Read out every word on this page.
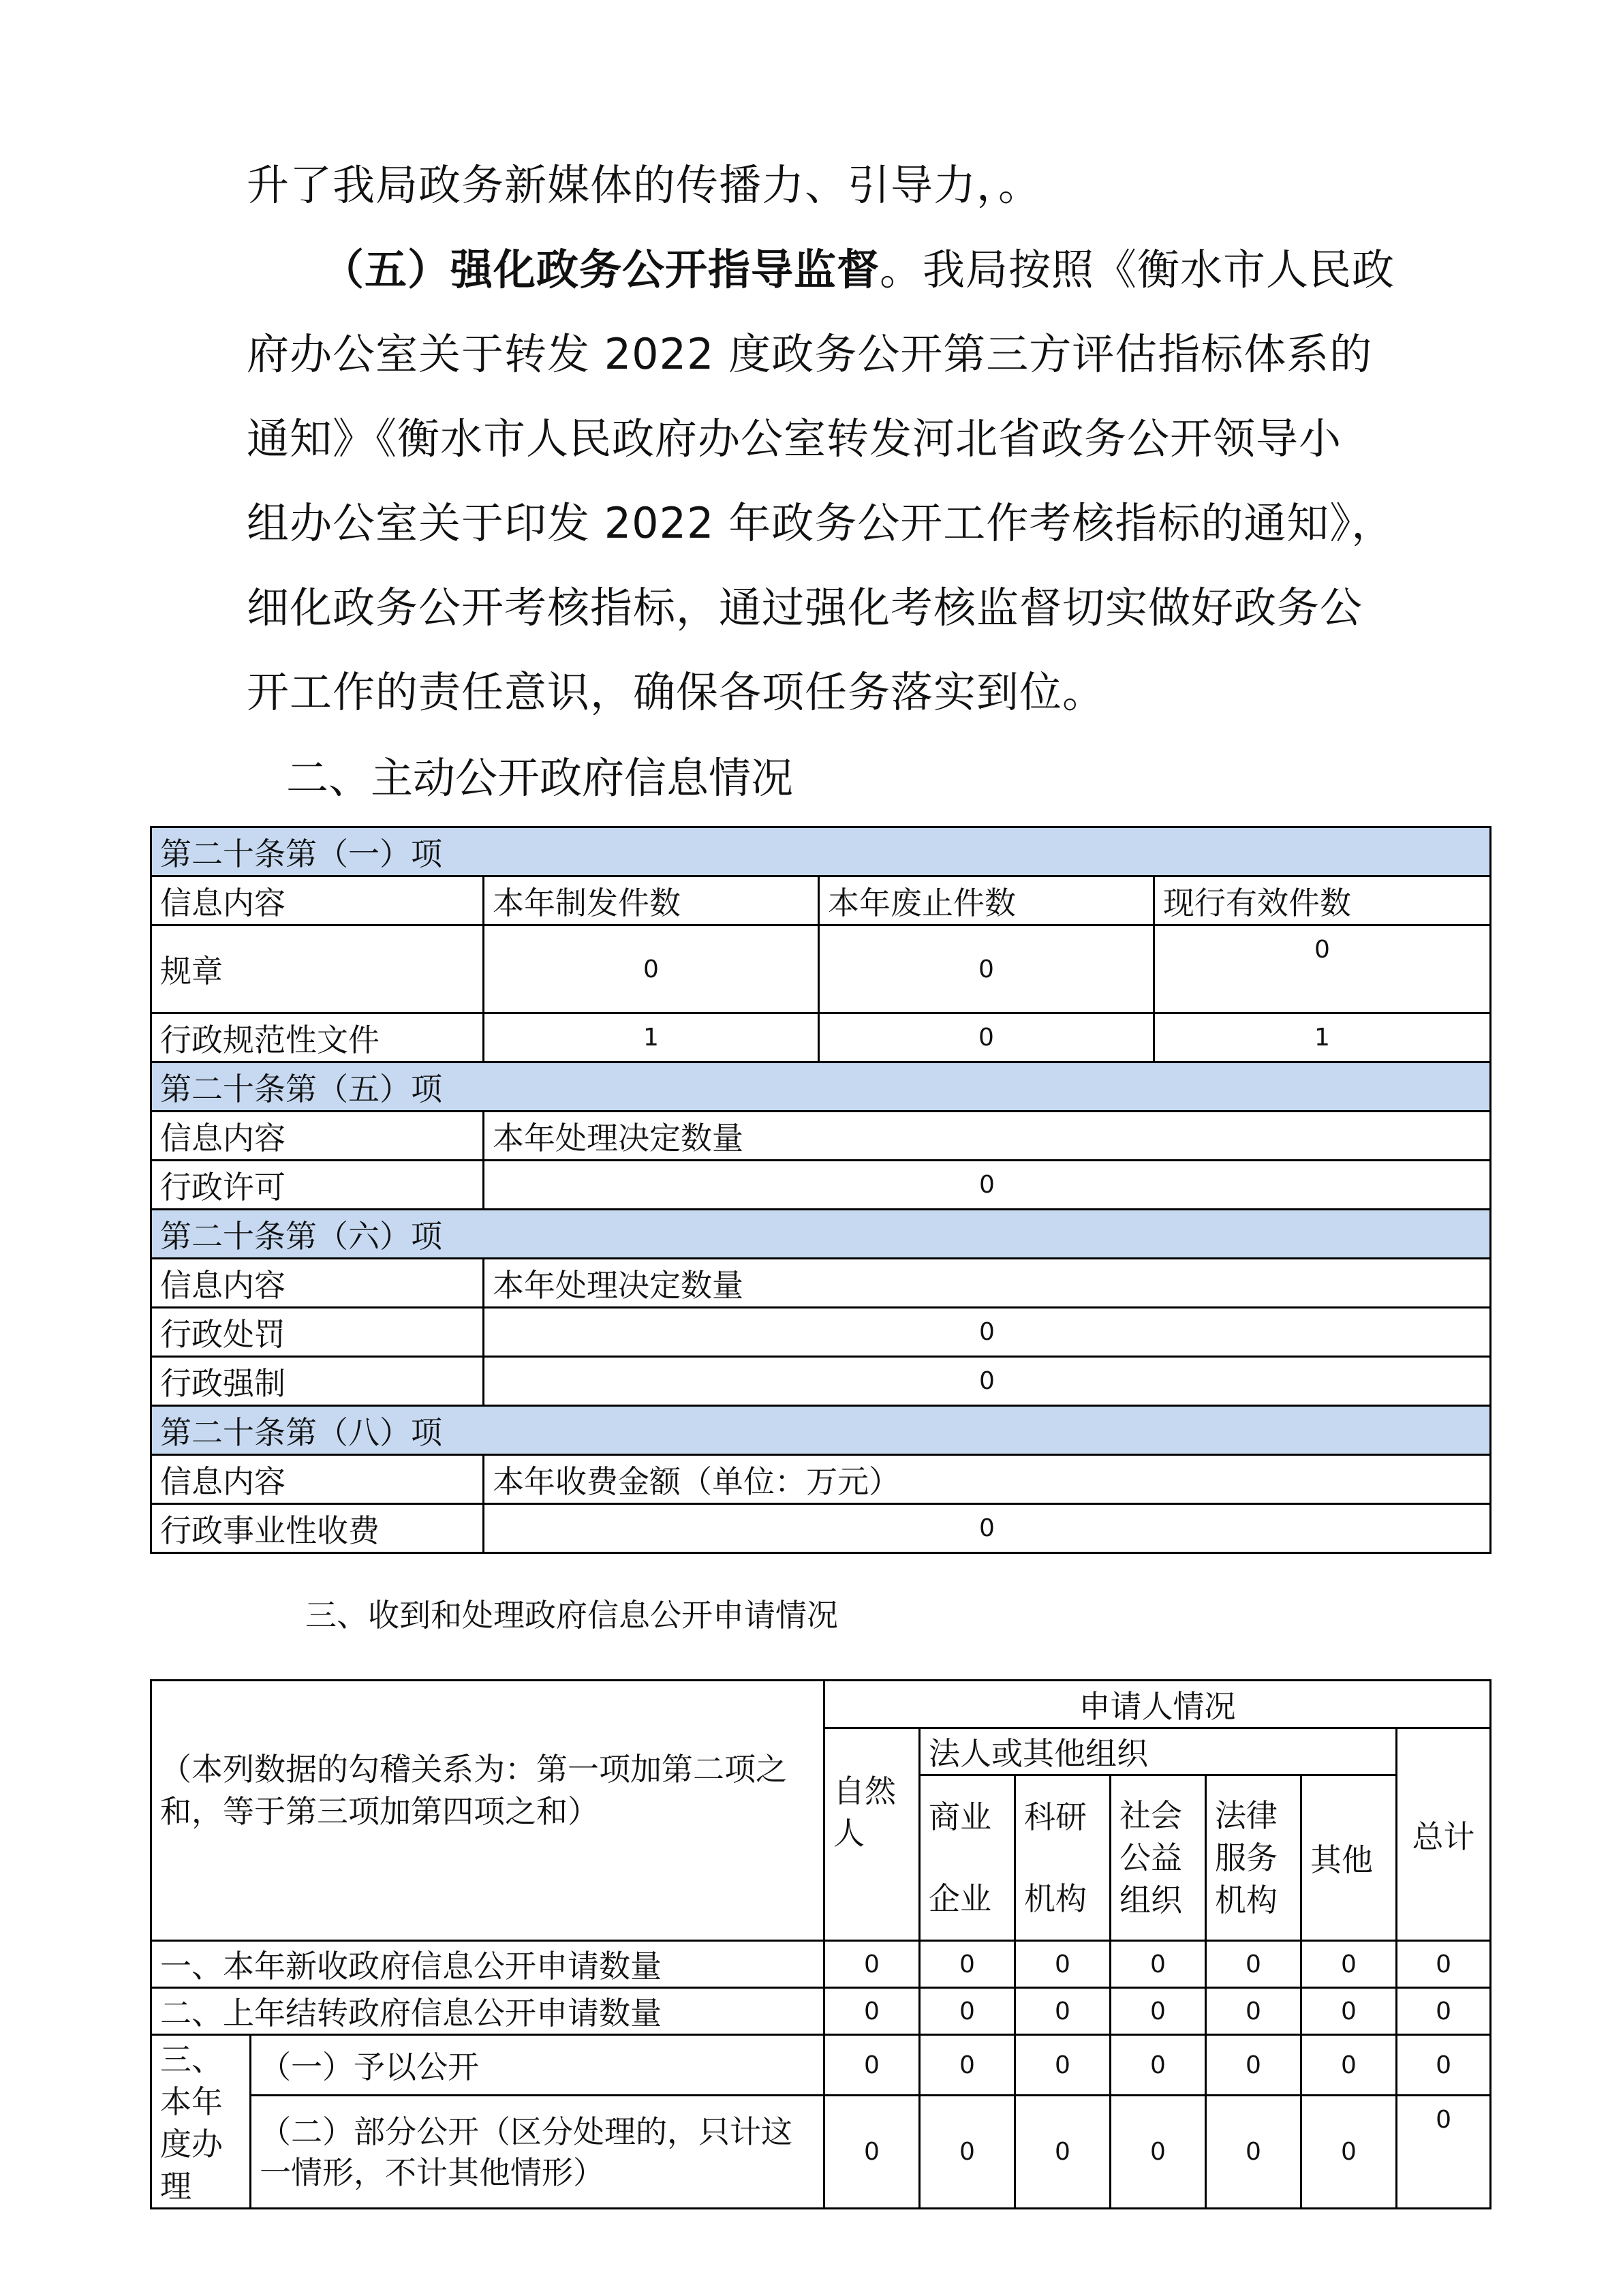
升了我局政务新媒体的传播力、引导力，。
（五）强化政务公开指导监督。我局按照《衡水市人民政
府办公室关于转发 2022 度政务公开第三方评估指标体系的
通知》《衡水市人民政府办公室转发河北省政务公开领导小
组办公室关于印发 2022 年政务公开工作考核指标的通知》，
细化政务公开考核指标，通过强化考核监督切实做好政务公
开工作的责任意识，确保各项任务落实到位。
二、主动公开政府信息情况
第二十条第（一）项			
信息内容	本年制发件数	本年废止件数	现行有效件数
规章	0	0	0
行政规范性文件	1	0	1
第二十条第（五）项			
信息内容	本年处理决定数量		
行政许可	0		
第二十条第（六）项			
信息内容	本年处理决定数量		
行政处罚	0		
行政强制	0		
第二十条第（八）项			
信息内容	本年收费金额（单位：万元）		
行政事业性收费	0		
三、收到和处理政府信息公开申请情况
（本列数据的勾稽关系为：第一项加第二项之和，等于第三项加第四项之和）		申请人情况						
		自然人	法人或其他组织					总计
			商业企业	科研机构	社会公益组织	法律服务机构	其他	
一、本年新收政府信息公开申请数量		0	0	0	0	0	0	0
二、上年结转政府信息公开申请数量		0	0	0	0	0	0	0
三、本年度办理	（一）予以公开	0	0	0	0	0	0	0
	（二）部分公开（区分处理的，只计这一情形，不计其他情形）	0	0	0	0	0	0	0
